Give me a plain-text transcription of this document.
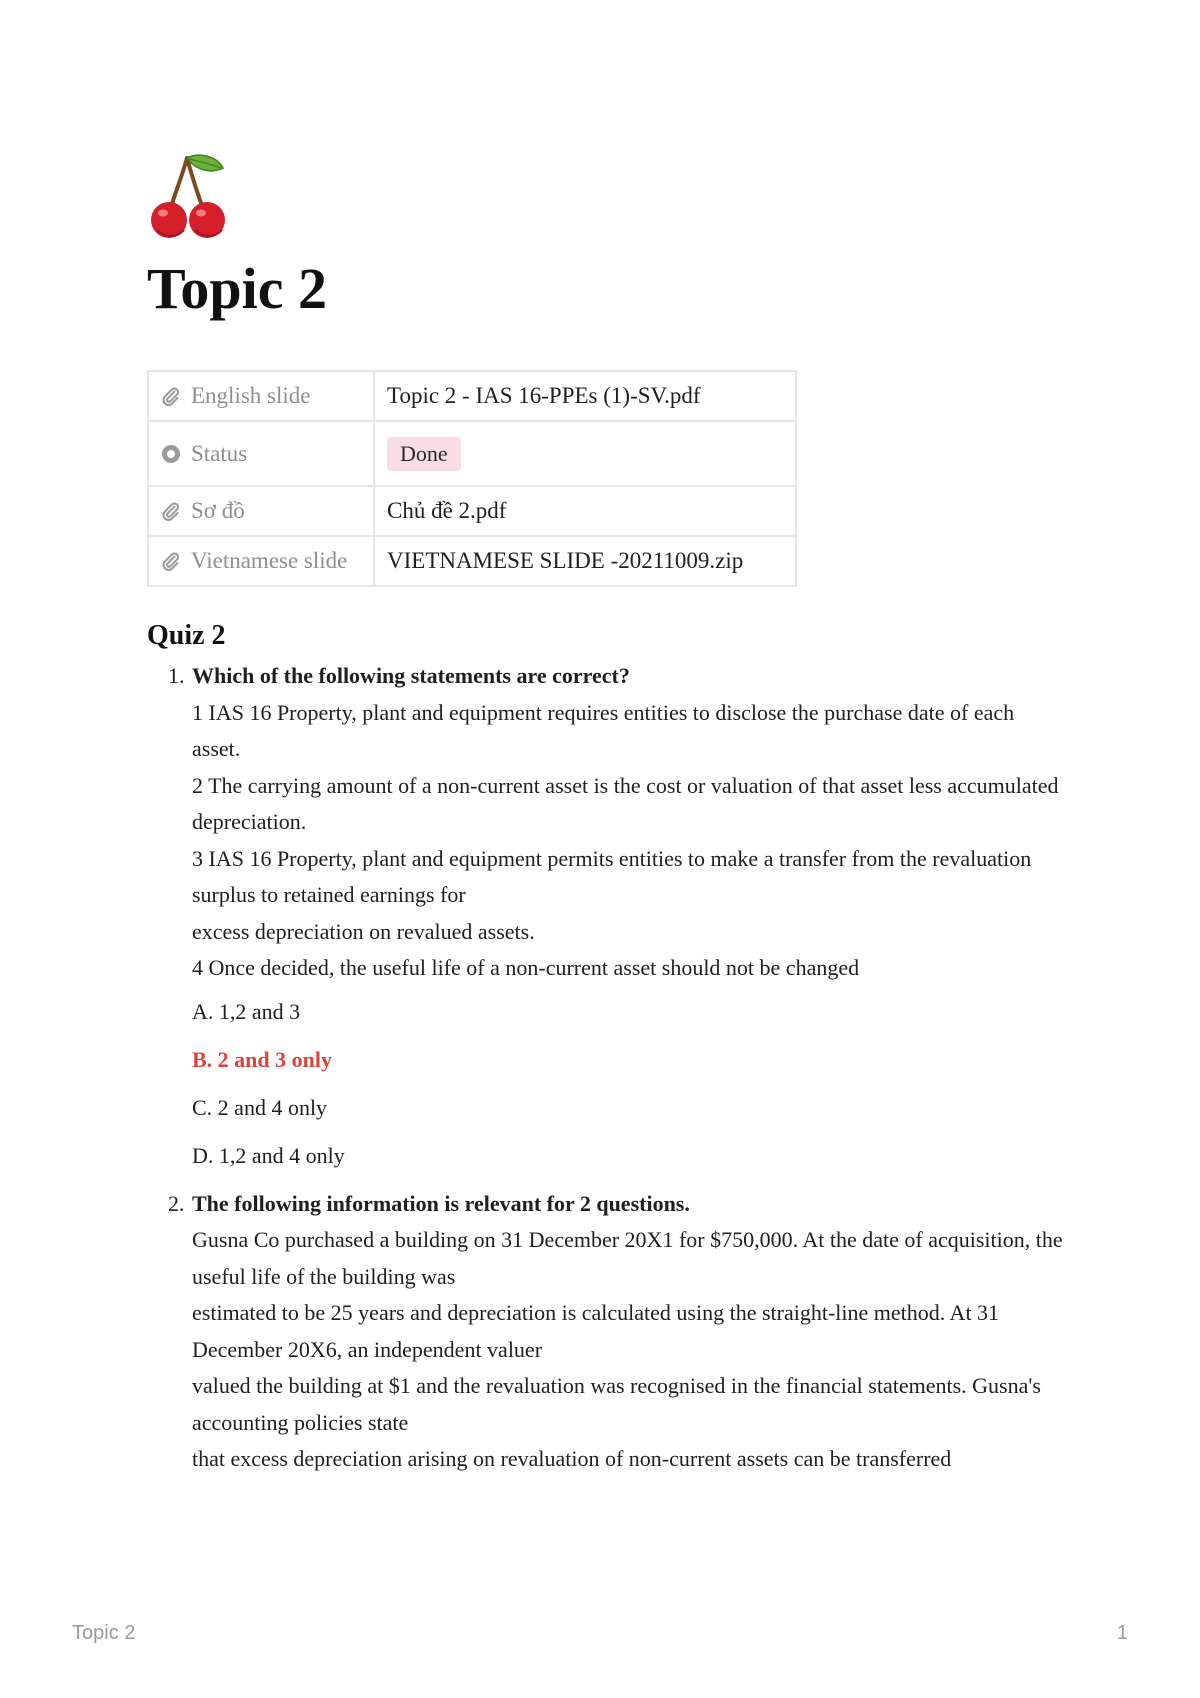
Topic 2
English slide	Topic 2 - IAS 16-PPEs (1)-SV.pdf

Status	Done

Sơ đồ	Chủ đề 2.pdf

Vietnamese slide	VIETNAMESE SLIDE -20211009.zip
Quiz 2
1. Which of the following statements are correct?
1 IAS 16 Property, plant and equipment requires entities to disclose the purchase date of each asset.
2 The carrying amount of a non-current asset is the cost or valuation of that asset less accumulated depreciation.
3 IAS 16 Property, plant and equipment permits entities to make a transfer from the revaluation surplus to retained earnings for
excess depreciation on revalued assets.
4 Once decided, the useful life of a non-current asset should not be changed
A. 1,2 and 3
B. 2 and 3 only
C. 2 and 4 only
D. 1,2 and 4 only
2. The following information is relevant for 2 questions.
Gusna Co purchased a building on 31 December 20X1 for $750,000. At the date of acquisition, the useful life of the building was
estimated to be 25 years and depreciation is calculated using the straight-line method. At 31 December 20X6, an independent valuer
valued the building at $1 and the revaluation was recognised in the financial statements. Gusna's accounting policies state
that excess depreciation arising on revaluation of non-current assets can be transferred
Topic 2	1
